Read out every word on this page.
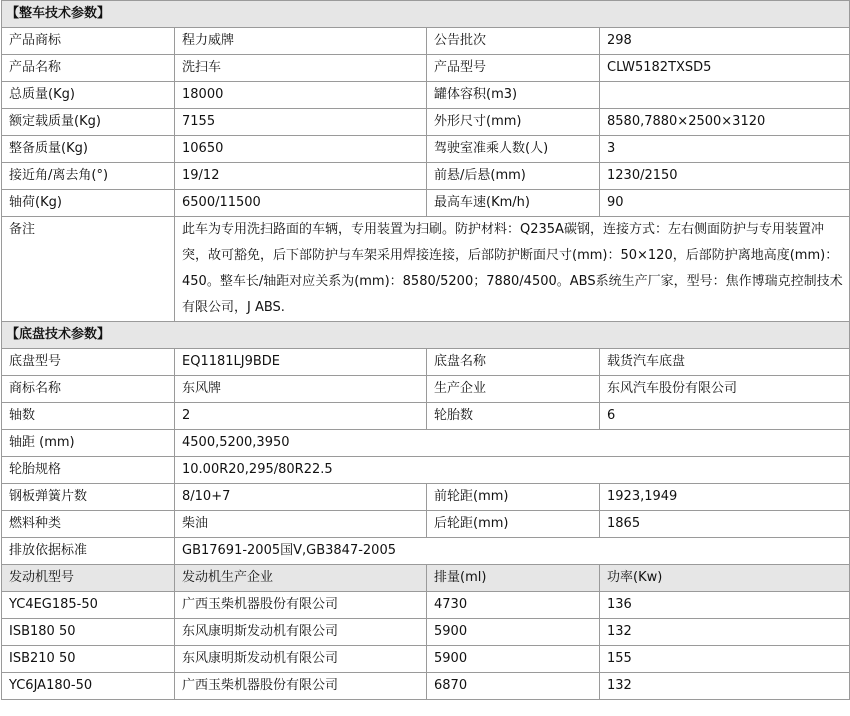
【整车技术参数】			
产品商标	程力威牌	公告批次	298
产品名称	洗扫车	产品型号	CLW5182TXSD5
总质量(Kg)	18000	罐体容积(m3)	
额定载质量(Kg)	7155	外形尺寸(mm)	8580,7880×2500×3120
整备质量(Kg)	10650	驾驶室准乘人数(人)	3
接近角/离去角(°)	19/12	前悬/后悬(mm)	1230/2150
轴荷(Kg)	6500/11500	最高车速(Km/h)	90
备注	此车为专用洗扫路面的车辆，专用装置为扫刷。防护材料：Q235A碳钢，连接方式：左右侧面防护与专用装置冲突，故可豁免，后下部防护与车架采用焊接连接，后部防护断面尺寸(mm)：50×120，后部防护离地高度(mm)：450。整车长/轴距对应关系为(mm)：8580/5200；7880/4500。ABS系统生产厂家，型号：焦作博瑞克控制技术有限公司，J ABS.		
【底盘技术参数】			
底盘型号	EQ1181LJ9BDE	底盘名称	载货汽车底盘
商标名称	东风牌	生产企业	东风汽车股份有限公司
轴数	2	轮胎数	6
轴距 (mm)	4500,5200,3950		
轮胎规格	10.00R20,295/80R22.5		
钢板弹簧片数	8/10+7	前轮距(mm)	1923,1949
燃料种类	柴油	后轮距(mm)	1865
排放依据标准	GB17691-2005国Ⅴ,GB3847-2005		
发动机型号	发动机生产企业	排量(ml)	功率(Kw)
YC4EG185-50	广西玉柴机器股份有限公司	4730	136
ISB180 50	东风康明斯发动机有限公司	5900	132
ISB210 50	东风康明斯发动机有限公司	5900	155
YC6JA180-50	广西玉柴机器股份有限公司	6870	132
